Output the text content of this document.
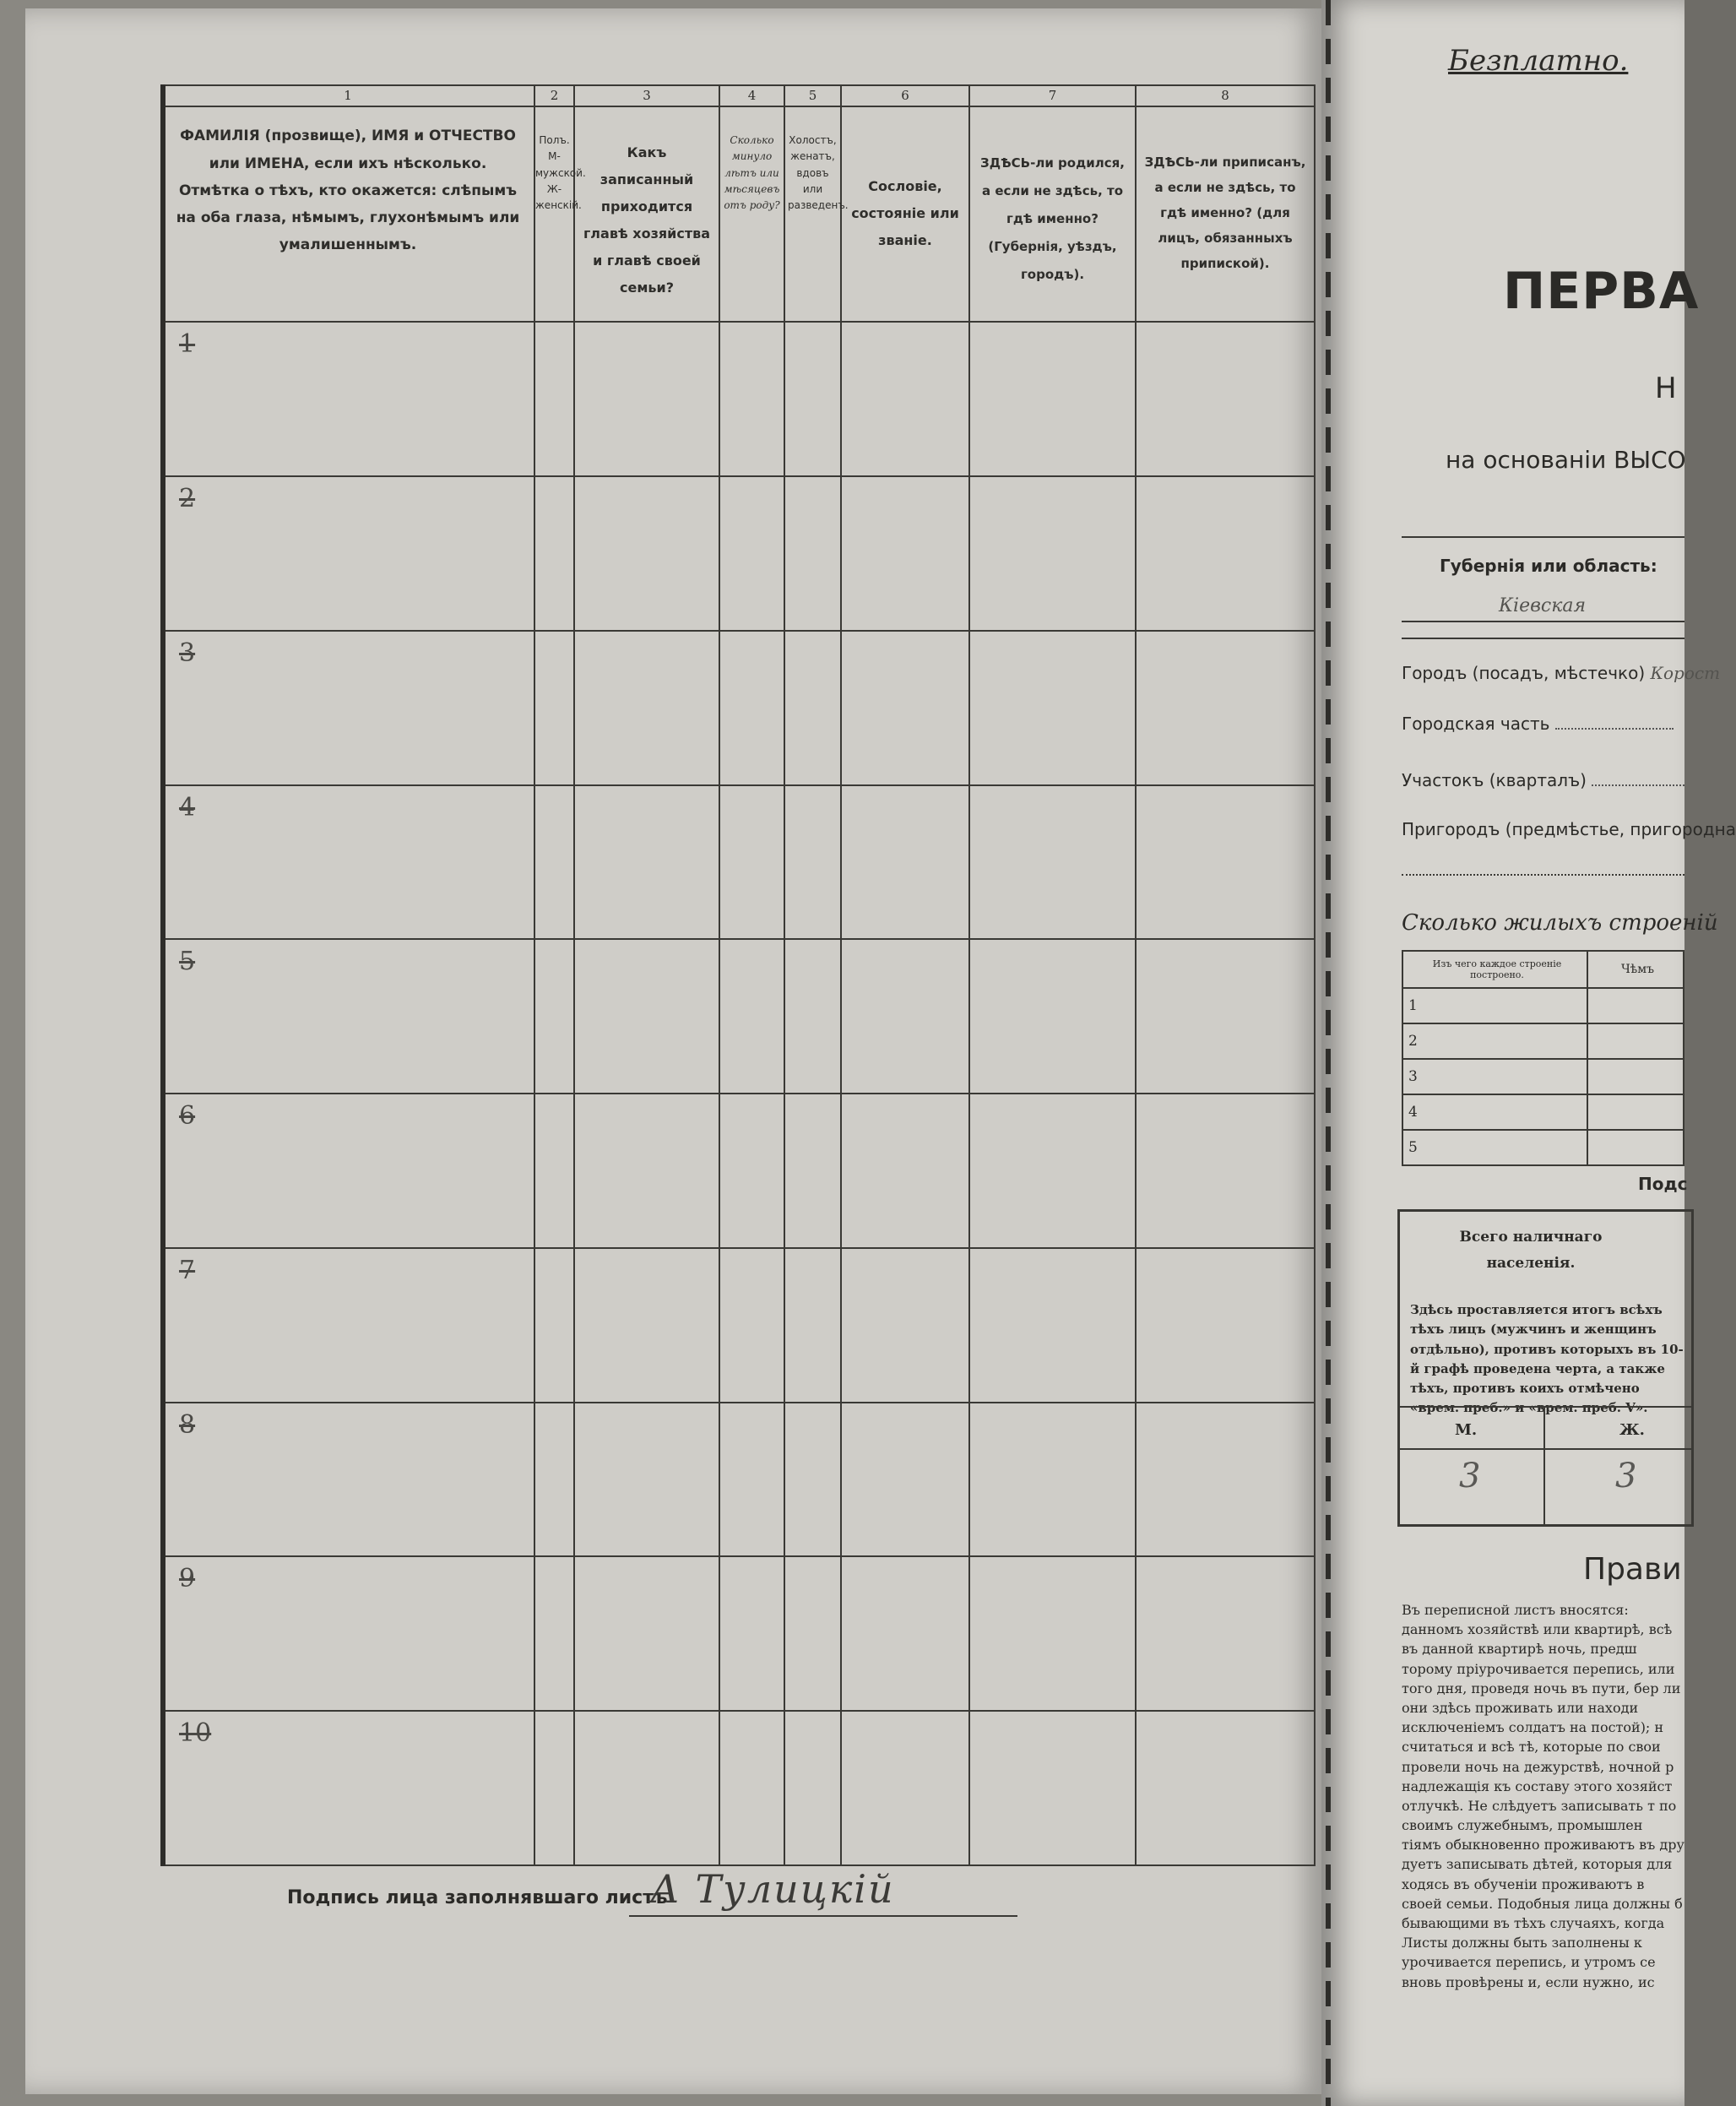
1	2	3	4	5	6	7	8
ФАМИЛІЯ (прозвище), ИМЯ и ОТЧЕСТВО или ИМЕНА, если ихъ нѣсколько. Отмѣтка о тѣхъ, кто окажется: слѣпымъ на оба глаза, нѣмымъ, глухонѣмымъ или умалишеннымъ.	Полъ. М-мужской. Ж-женскій.	Какъ записанный приходится главѣ хозяйства и главѣ своей семьи?	Сколько минуло лѣтъ или мѣсяцевъ отъ роду?	Холостъ, женатъ, вдовъ или разведенъ.	Сословіе, состояніе или званіе.	ЗДѢСЬ-ли родился, а если не здѣсь, то гдѣ именно? (Губернія, уѣздъ, городъ).	ЗДѢСЬ-ли приписанъ, а если не здѣсь, то гдѣ именно? (для лицъ, обязанныхъ припиской).

1							

2							

3							

4							

5							

6							

7							

8							

9							

10							

Подпись лица заполнявшаго листъ
А Тулицкій
Безплатно.
ПЕРВА
Н
на основаніи ВЫСО
Губернія или область:
Кіевская
Городъ (посадъ, мѣстечко) Корост
Городская часть
Участокъ (кварталъ)
Пригородъ (предмѣстье, пригородна
Сколько жилыхъ строеній
Изъ чего каждое строеніе построено.	Чѣмъ
1	
2	
3	
4	
5	
Подс
Всего наличнаго населенія.
Здѣсь проставляется итогъ всѣхъ тѣхъ лицъ (мужчинъ и женщинъ отдѣльно), противъ которыхъ въ 10-й графѣ проведена черта, а также тѣхъ, противъ коихъ отмѣчено «врем. преб.» и «врем. преб. V».
М.	Ж.
3	3
Прави
Въ переписной листъ вносятся: данномъ хозяйствѣ или квартирѣ, всѣ въ данной квартирѣ ночь, предш торому пріурочивается перепись, или того дня, проведя ночь въ пути, бер ли они здѣсь проживать или находи исключеніемъ солдатъ на постой); н считаться и всѣ тѣ, которые по свои провели ночь на дежурствѣ, ночной р надлежащія къ составу этого хозяйст отлучкѣ. Не слѣдуетъ записывать т по своимъ служебнымъ, промышлен тіямъ обыкновенно проживаютъ въ дру дуетъ записывать дѣтей, которыя для ходясь въ обученіи проживаютъ в своей семьи. Подобныя лица должны б бывающими въ тѣхъ случаяхъ, когда Листы должны быть заполнены к урочивается перепись, и утромъ се вновь провѣрены и, если нужно, ис
